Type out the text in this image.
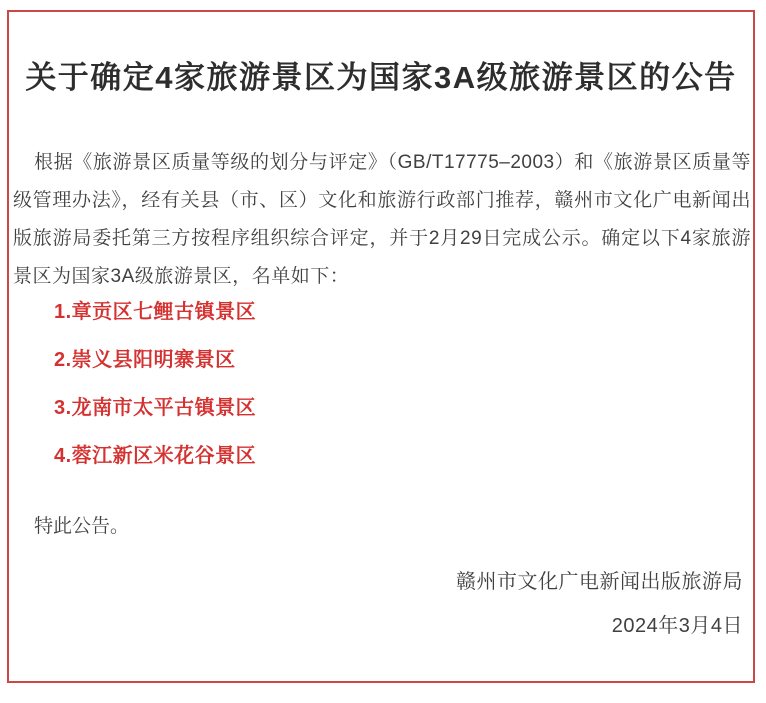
关于确定4家旅游景区为国家3A级旅游景区的公告

根据《旅游景区质量等级的划分与评定》（GB/T17775–2003）和《旅游景区质量等级管理办法》，经有关县（市、区）文化和旅游行政部门推荐，赣州市文化广电新闻出版旅游局委托第三方按程序组织综合评定，并于2月29日完成公示。确定以下4家旅游景区为国家3A级旅游景区，名单如下：

1.章贡区七鲤古镇景区
2.崇义县阳明寨景区
3.龙南市太平古镇景区
4.蓉江新区米花谷景区

特此公告。

赣州市文化广电新闻出版旅游局

2024年3月4日
